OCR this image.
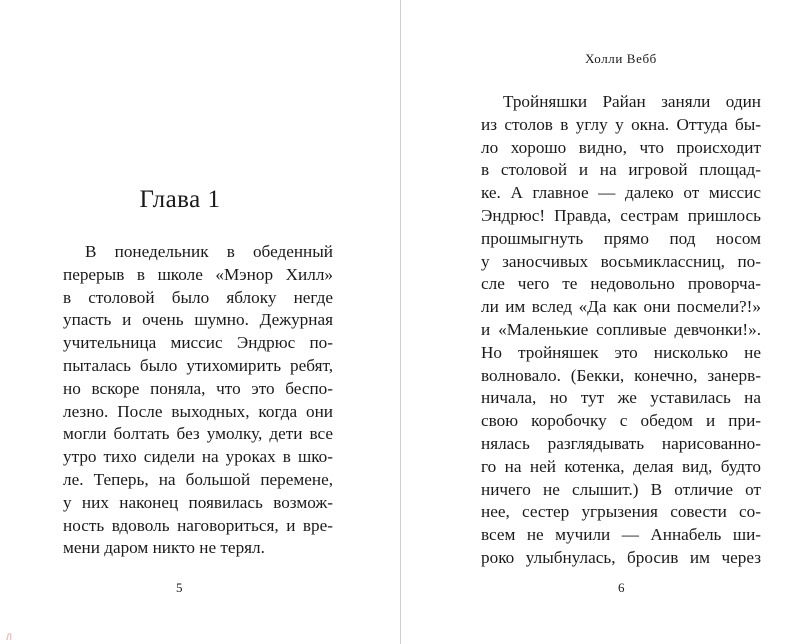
Глава 1
В понедельник в обеденный
перерыв в школе «Мэнор Хилл»
в столовой было яблоку негде
упасть и очень шумно. Дежурная
учительница миссис Эндрюс по-
пыталась было утихомирить ребят,
но вскоре поняла, что это беспо-
лезно. После выходных, когда они
могли болтать без умолку, дети все
утро тихо сидели на уроках в шко-
ле. Теперь, на большой перемене,
у них наконец появилась возмож-
ность вдоволь наговориться, и вре-
мени даром никто не терял.
5
Холли Вебб
Тройняшки Райан заняли один
из столов в углу у окна. Оттуда бы-
ло хорошо видно, что происходит
в столовой и на игровой площад-
ке. А главное — далеко от миссис
Эндрюс! Правда, сестрам пришлось
прошмыгнуть прямо под носом
у заносчивых восьмиклассниц, по-
сле чего те недовольно проворча-
ли им вслед «Да как они посмели?!»
и «Маленькие сопливые девчонки!».
Но тройняшек это нисколько не
волновало. (Бекки, конечно, занерв-
ничала, но тут же уставилась на
свою коробочку с обедом и при-
нялась разглядывать нарисованно-
го на ней котенка, делая вид, будто
ничего не слышит.) В отличие от
нее, сестер угрызения совести со-
всем не мучили — Аннабель ши-
роко улыбнулась, бросив им через
6
Л
